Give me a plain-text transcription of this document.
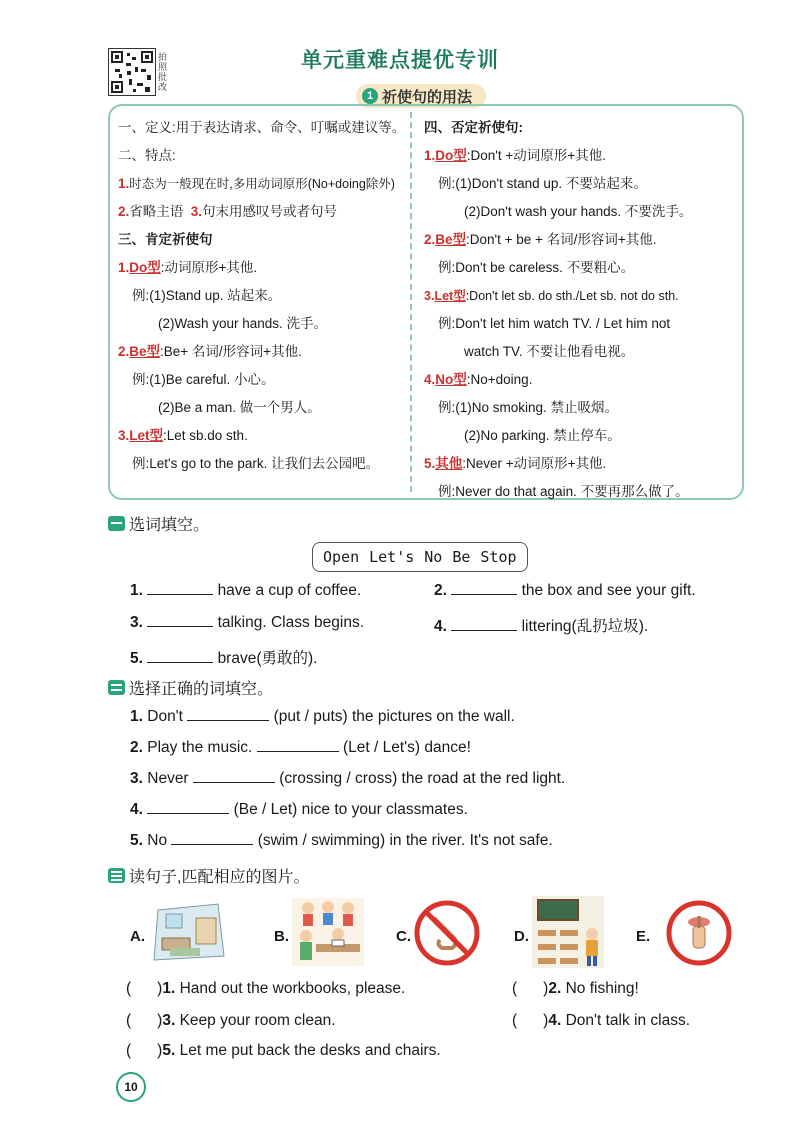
拍照批改
单元重难点提优专训
1 祈使句的用法
一、定义:用于表达请求、命令、叮嘱或建议等。
二、特点:
1.时态为一般现在时,多用动词原形(No+doing除外)
2.省略主语 3.句末用感叹号或者句号
三、肯定祈使句
1.Do型:动词原形+其他.
例:(1)Stand up. 站起来。
(2)Wash your hands. 洗手。
2.Be型:Be+ 名词/形容词+其他.
例:(1)Be careful. 小心。
(2)Be a man. 做一个男人。
3.Let型:Let sb.do sth.
例:Let's go to the park. 让我们去公园吧。
四、否定祈使句:
1.Do型:Don't +动词原形+其他.
例:(1)Don't stand up. 不要站起来。
(2)Don't wash your hands. 不要洗手。
2.Be型:Don't + be + 名词/形容词+其他.
例:Don't be careless. 不要粗心。
3.Let型:Don't let sb. do sth./Let sb. not do sth.
例:Don't let him watch TV. / Let him not
watch TV. 不要让他看电视。
4.No型:No+doing.
例:(1)No smoking. 禁止吸烟。
(2)No parking. 禁止停车。
5.其他:Never +动词原形+其他.
例:Never do that again. 不要再那么做了。
选词填空。
Open Let's No Be Stop
1.	have a cup of coffee.	2.	the box and see your gift.
3.	talking. Class begins.	4.	littering(乱扔垃圾).
5.	brave(勇敢的).
选择正确的词填空。
1. Don't	(put / puts) the pictures on the wall.
2. Play the music.	(Let / Let's) dance!
3. Never	(crossing / cross) the road at the red light.
4.	(Be / Let) nice to your classmates.
5. No	(swim / swimming) in the river. It's not safe.
读句子,匹配相应的图片。
A.	B.	C.	D.	E.
( )1. Hand out the workbooks, please.	( )2. No fishing!
( )3. Keep your room clean.	( )4. Don't talk in class.
( )5. Let me put back the desks and chairs.
10
